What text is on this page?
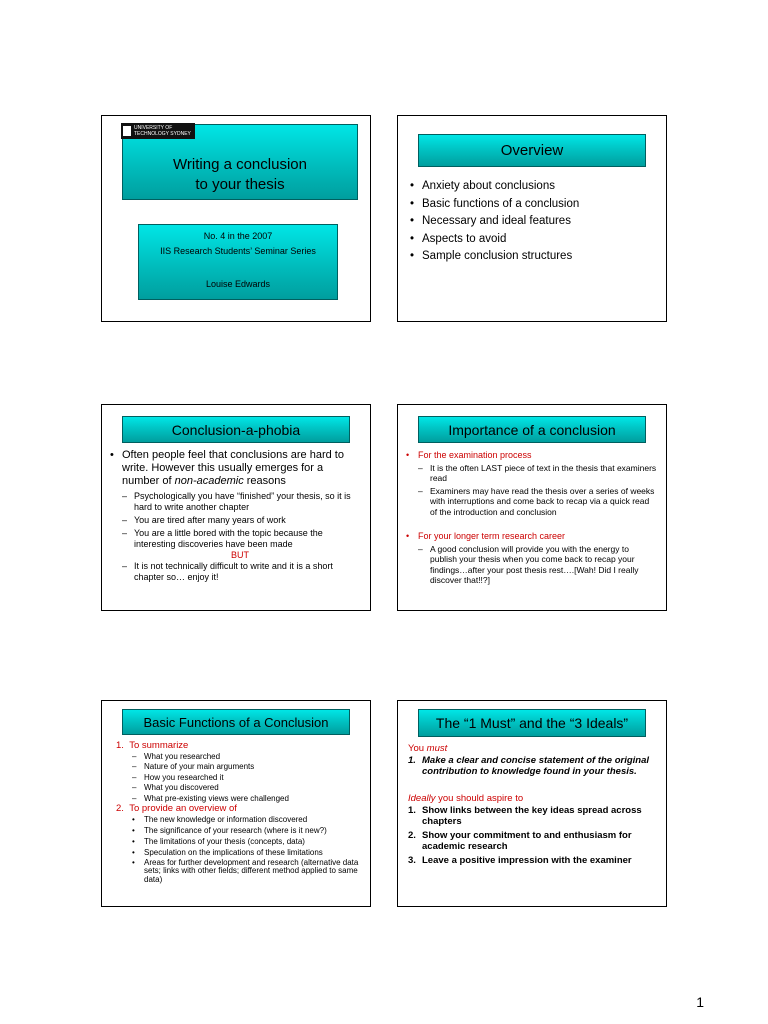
UNIVERSITY OF
TECHNOLOGY SYDNEY
Writing a conclusion
to your thesis
No. 4 in the 2007
IIS Research Students’ Seminar Series
Louise Edwards
Overview
• Anxiety about conclusions
• Basic functions of a conclusion
• Necessary and ideal features
• Aspects to avoid
• Sample conclusion structures
Conclusion-a-phobia
• Often people feel that conclusions are hard to write. However this usually emerges for a number of non-academic reasons
– Psychologically you have “finished” your thesis, so it is hard to write another chapter
– You are tired after many years of work
– You are a little bored with the topic because the interesting discoveries have been made
BUT
– It is not technically difficult to write and it is a short chapter so… enjoy it!
Importance of a conclusion
• For the examination process
– It is the often LAST piece of text in the thesis that examiners read
– Examiners may have read the thesis over a series of weeks with interruptions and come back to recap via a quick read of the introduction and conclusion
• For your longer term research career
– A good conclusion will provide you with the energy to publish your thesis when you come back to recap your findings…after your post thesis rest….[Wah! Did I really discover that!!?]
Basic Functions of a Conclusion
1. To summarize
– What you researched
– Nature of your main arguments
– How you researched it
– What you discovered
– What pre-existing views were challenged
2. To provide an overview of
• The new knowledge or information discovered
• The significance of your research (where is it new?)
• The limitations of your thesis (concepts, data)
• Speculation on the implications of these limitations
• Areas for further development and research (alternative data sets; links with other fields; different method applied to same data)
The “1 Must” and the “3 Ideals”
You must
1. Make a clear and concise statement of the original contribution to knowledge found in your thesis.
Ideally you should aspire to
1. Show links between the key ideas spread across chapters
2. Show your commitment to and enthusiasm for academic research
3. Leave a positive impression with the examiner
1
